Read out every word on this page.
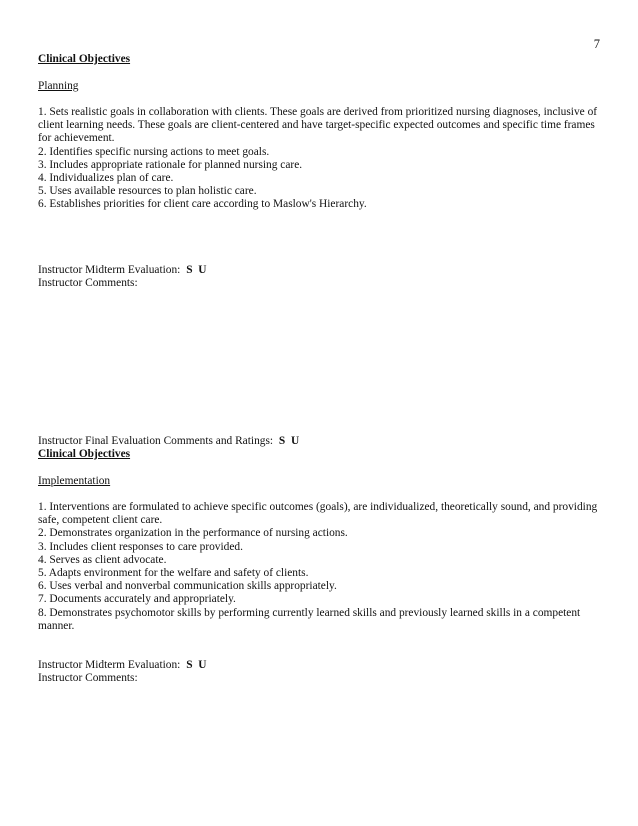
7

Clinical Objectives

Planning

1. Sets realistic goals in collaboration with clients. These goals are derived from prioritized nursing diagnoses, inclusive of client learning needs. These goals are client-centered and have target-specific expected outcomes and specific time frames for achievement.

2. Identifies specific nursing actions to meet goals.

3. Includes appropriate rationale for planned nursing care.

4. Individualizes plan of care.

5. Uses available resources to plan holistic care.

6. Establishes priorities for client care according to Maslow's Hierarchy.

Instructor Midterm Evaluation: S  U

Instructor Comments:

Instructor Final Evaluation Comments and Ratings: S  U

Clinical Objectives

Implementation

1. Interventions are formulated to achieve specific outcomes (goals), are individualized, theoretically sound, and providing safe, competent client care.

2. Demonstrates organization in the performance of nursing actions.

3. Includes client responses to care provided.

4. Serves as client advocate.

5. Adapts environment for the welfare and safety of clients.

6. Uses verbal and nonverbal communication skills appropriately.

7. Documents accurately and appropriately.

8. Demonstrates psychomotor skills by performing currently learned skills and previously learned skills in a competent manner.

Instructor Midterm Evaluation: S  U

Instructor Comments:
